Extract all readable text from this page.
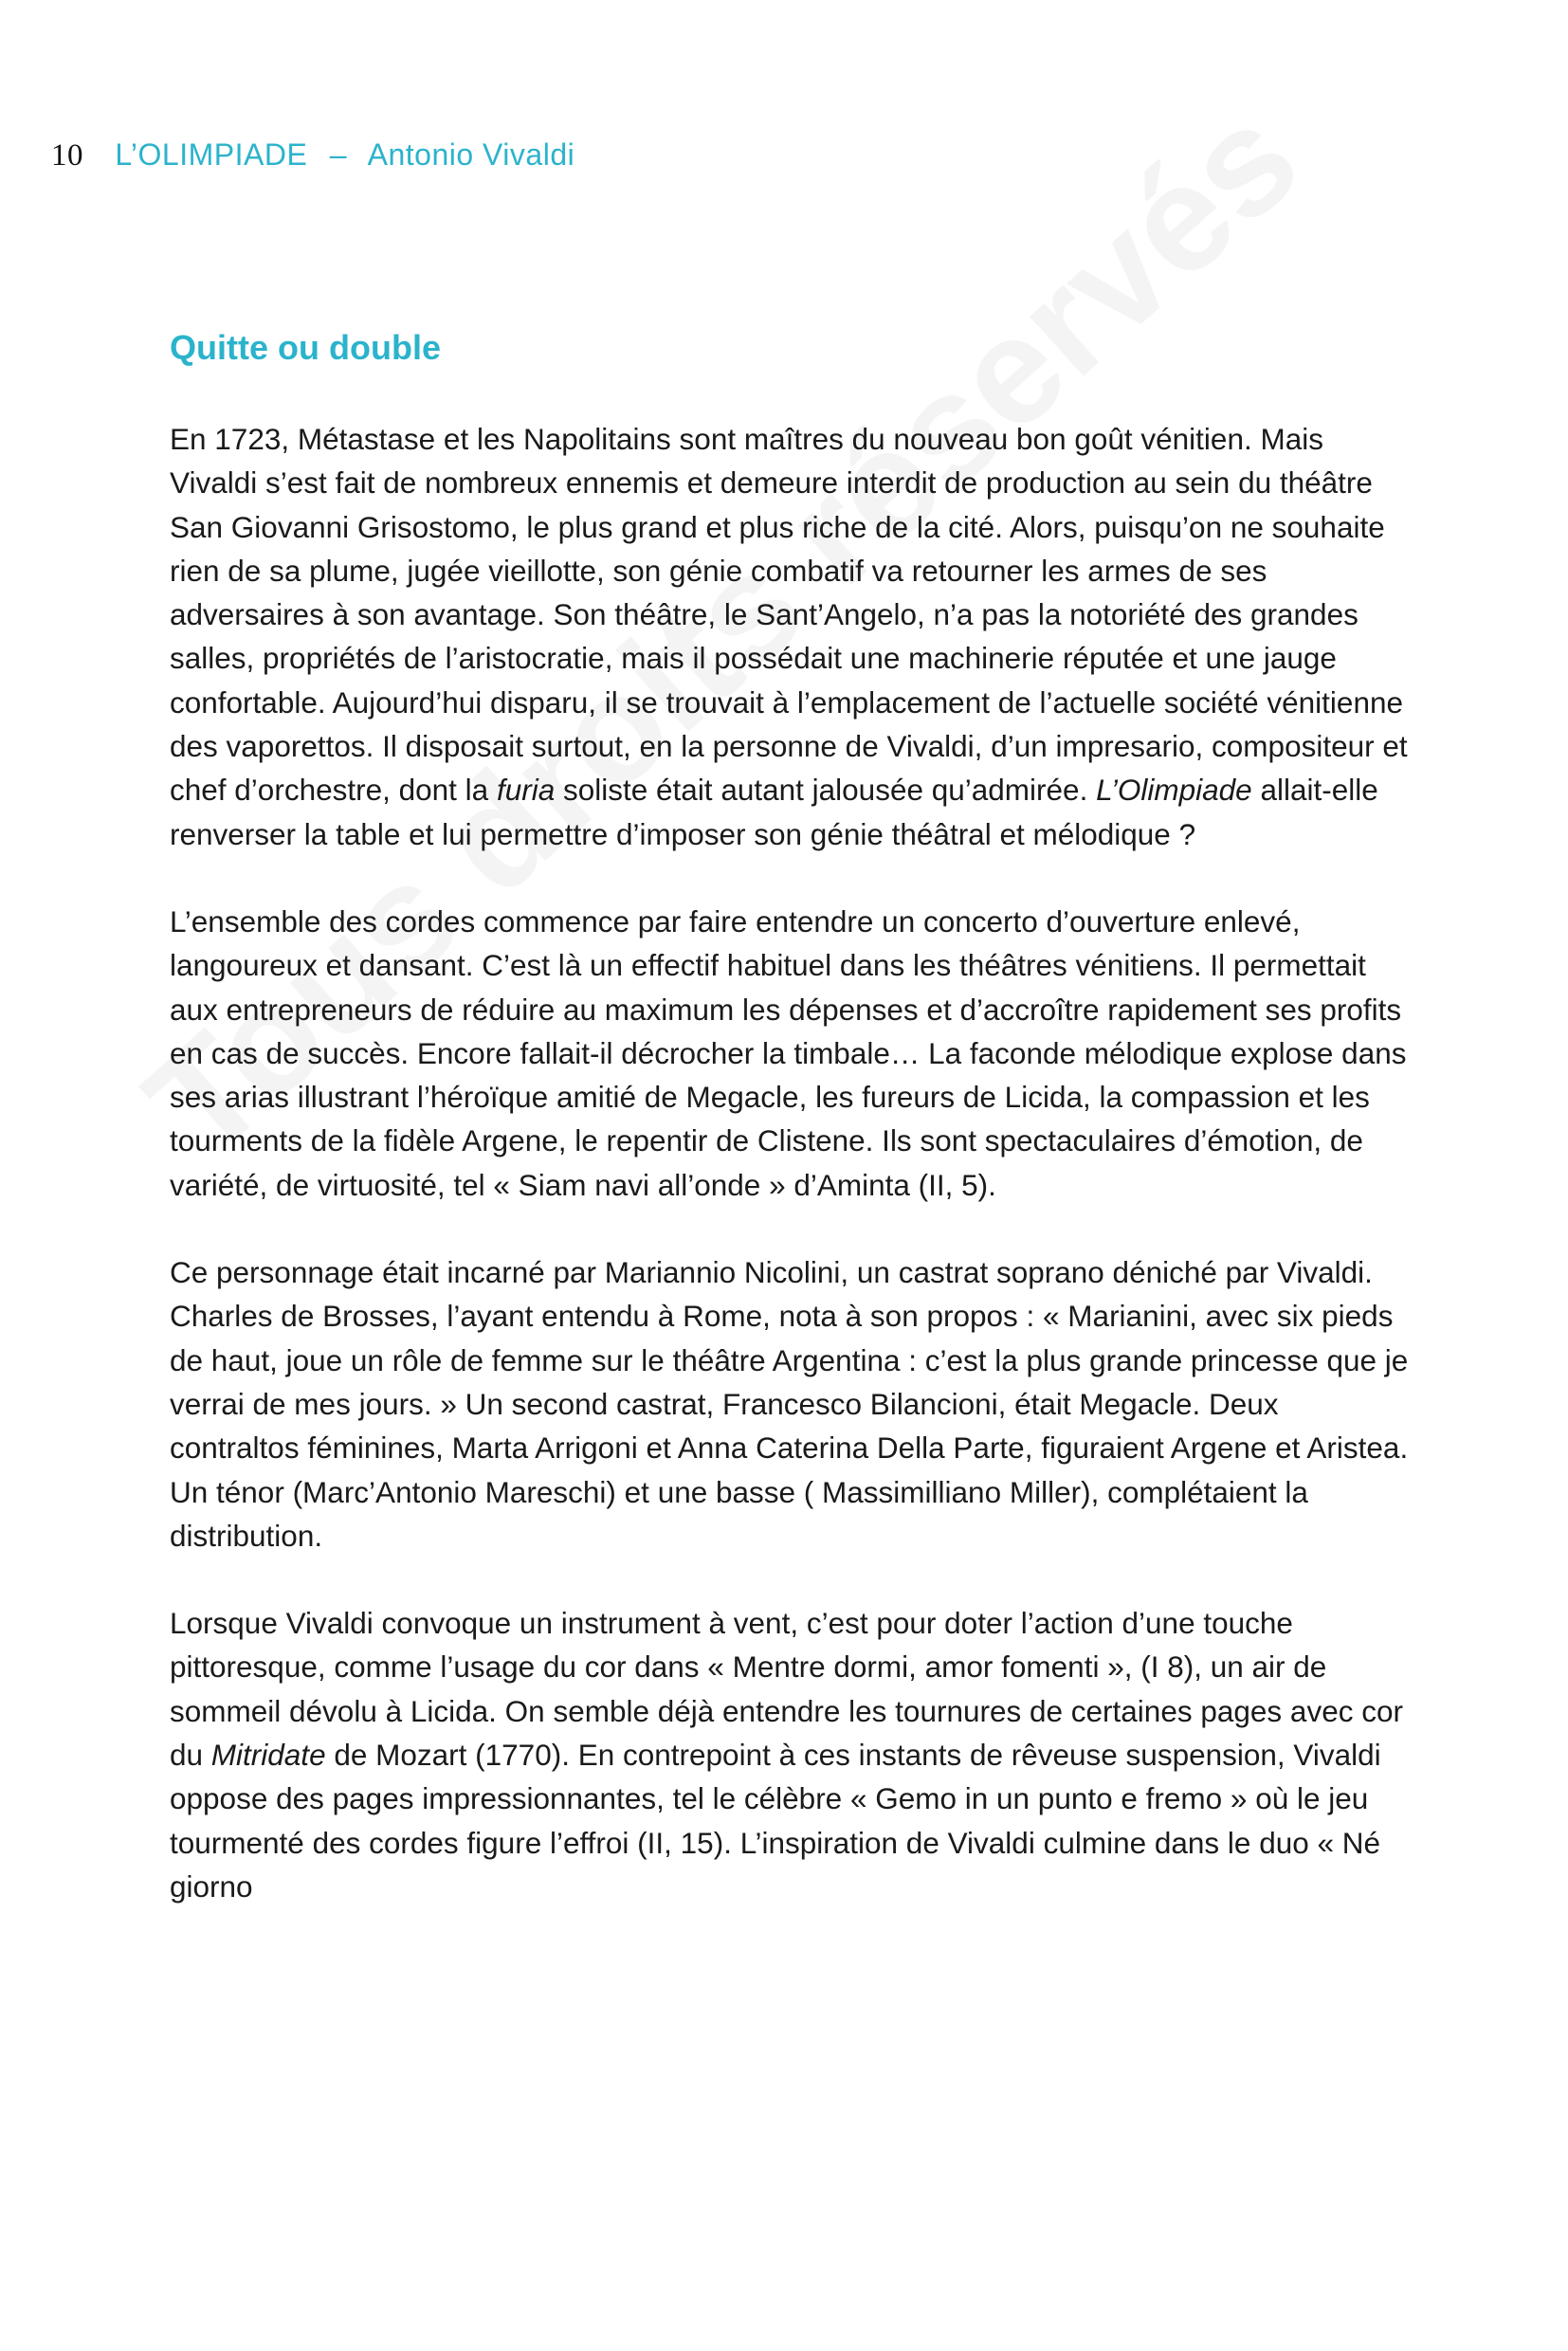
10 L’OLIMPIADE – Antonio Vivaldi
Quitte ou double

En 1723, Métastase et les Napolitains sont maîtres du nouveau bon goût vénitien. Mais Vivaldi s’est fait de nombreux ennemis et demeure interdit de production au sein du théâtre San Giovanni Grisostomo, le plus grand et plus riche de la cité. Alors, puisqu’on ne souhaite rien de sa plume, jugée vieillotte, son génie combatif va retourner les armes de ses adversaires à son avantage. Son théâtre, le Sant’Angelo, n’a pas la notoriété des grandes salles, propriétés de l’aristocratie, mais il possédait une machinerie réputée et une jauge confortable. Aujourd’hui disparu, il se trouvait à l’emplacement de l’actuelle société vénitienne des vaporettos. Il disposait surtout, en la personne de Vivaldi, d’un impresario, compositeur et chef d’orchestre, dont la furia soliste était autant jalousée qu’admirée. L’Olimpiade allait-elle renverser la table et lui permettre d’imposer son génie théâtral et mélodique ?

L’ensemble des cordes commence par faire entendre un concerto d’ouverture enlevé, langoureux et dansant. C’est là un effectif habituel dans les théâtres vénitiens. Il permettait aux entrepreneurs de réduire au maximum les dépenses et d’accroître rapidement ses profits en cas de succès. Encore fallait-il décrocher la timbale… La faconde mélodique explose dans ses arias illustrant l’héroïque amitié de Megacle, les fureurs de Licida, la compassion et les tourments de la fidèle Argene, le repentir de Clistene. Ils sont spectaculaires d’émotion, de variété, de virtuosité, tel « Siam navi all’onde » d’Aminta (II, 5).

Ce personnage était incarné par Mariannio Nicolini, un castrat soprano déniché par Vivaldi. Charles de Brosses, l’ayant entendu à Rome, nota à son propos : « Marianini, avec six pieds de haut, joue un rôle de femme sur le théâtre Argentina : c’est la plus grande princesse que je verrai de mes jours. » Un second castrat, Francesco Bilancioni, était Megacle. Deux contraltos féminines, Marta Arrigoni et Anna Caterina Della Parte, figuraient Argene et Aristea. Un ténor (Marc’Antonio Mareschi) et une basse ( Massimilliano Miller), complétaient la distribution.

Lorsque Vivaldi convoque un instrument à vent, c’est pour doter l’action d’une touche pittoresque, comme l’usage du cor dans « Mentre dormi, amor fomenti », (I 8), un air de sommeil dévolu à Licida. On semble déjà entendre les tournures de certaines pages avec cor du Mitridate de Mozart (1770). En contrepoint à ces instants de rêveuse suspension, Vivaldi oppose des pages impressionnantes, tel le célèbre « Gemo in un punto e fremo » où le jeu tourmenté des cordes figure l’effroi (II, 15). L’inspiration de Vivaldi culmine dans le duo « Né giorno
